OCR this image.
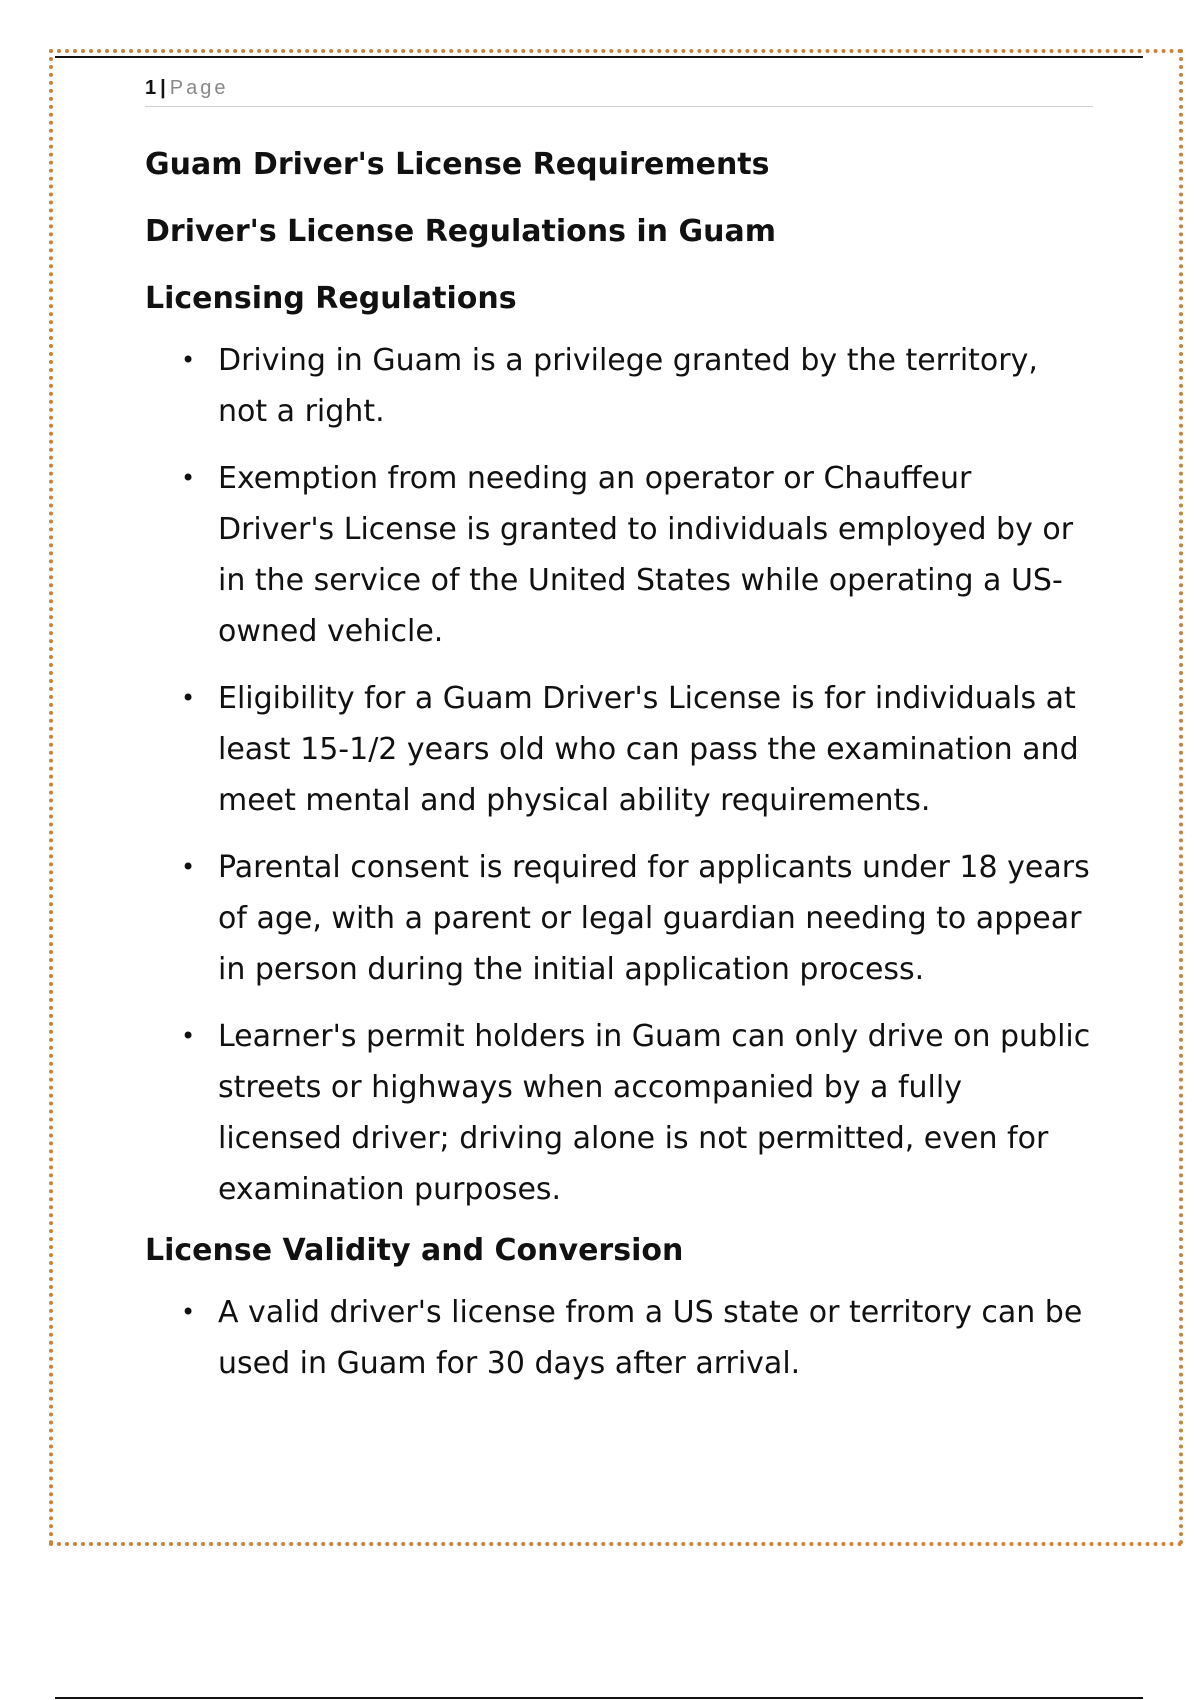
1 | Page
Guam Driver's License Requirements
Driver's License Regulations in Guam
Licensing Regulations
• Driving in Guam is a privilege granted by the territory, not a right.
• Exemption from needing an operator or Chauffeur Driver's License is granted to individuals employed by or in the service of the United States while operating a US-owned vehicle.
• Eligibility for a Guam Driver's License is for individuals at least 15-1/2 years old who can pass the examination and meet mental and physical ability requirements.
• Parental consent is required for applicants under 18 years of age, with a parent or legal guardian needing to appear in person during the initial application process.
• Learner's permit holders in Guam can only drive on public streets or highways when accompanied by a fully licensed driver; driving alone is not permitted, even for examination purposes.
License Validity and Conversion
• A valid driver's license from a US state or territory can be used in Guam for 30 days after arrival.
